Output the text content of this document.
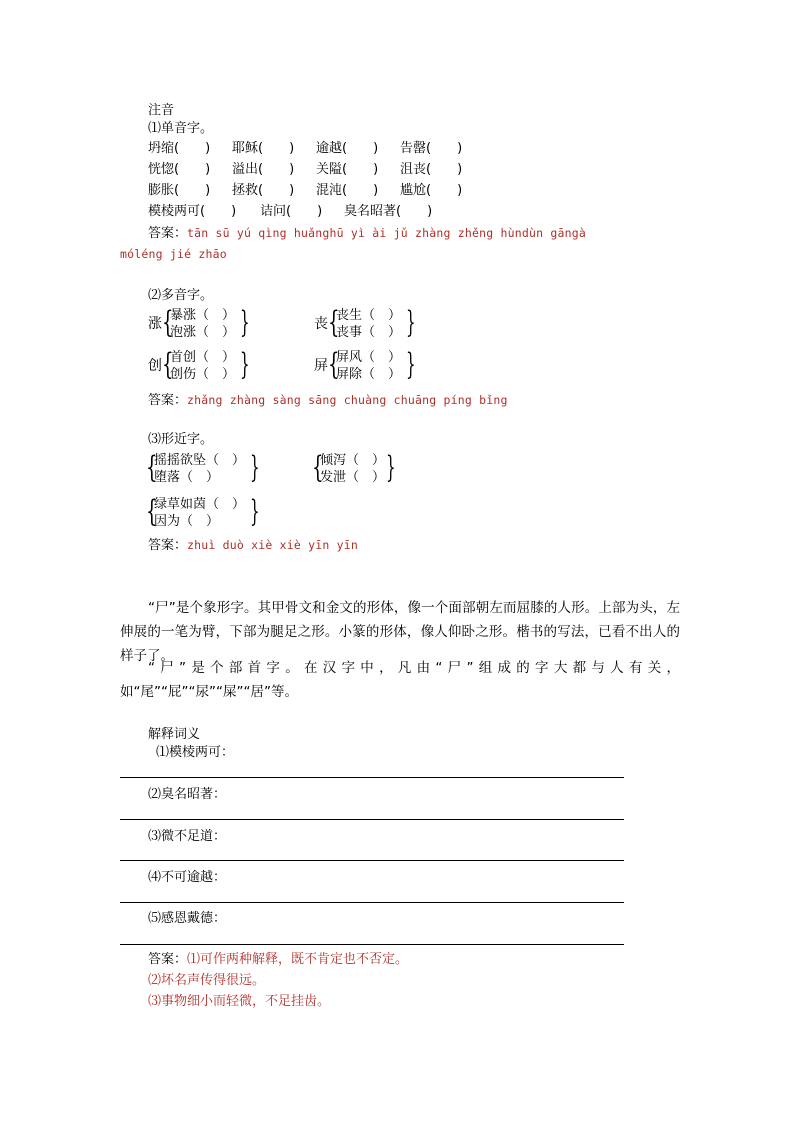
注音
⑴单音字。
坍缩(　　) 耶稣(　　) 逾越(　　) 告罄(　　)
恍惚(　　) 溢出(　　) 关隘(　　) 沮丧(　　)
膨胀(　　) 拯救(　　) 混沌(　　) 尴尬(　　)
模棱两可(　　) 诘问(　　) 臭名昭著(　　)
答案：tān sū yú qìng huǎnghū yì ài jǔ zhàng zhěng hùndùn gāngà
móléng jié zhāo
⑵多音字。
涨 {
暴涨（　）
泡涨（　） }	丧 {
丧生（　）
丧事（　） }
创 {
首创（　）
创伤（　） }	屏 {
屏风（　）
屏除（　） }
答案：zhǎng zhàng sàng sāng chuàng chuāng píng bǐng
⑶形近字。
{
摇摇欲坠（　）
堕落（　） } {
倾泻（　）
发泄（　） }
{
绿草如茵（　）
因为（　） }
答案：zhuì duò xiè xiè yīn yīn
“尸”是个象形字。其甲骨文和金文的形体，像一个面部朝左而屈膝的人形。上部为头，左伸展的一笔为臂，下部为腿足之形。小篆的形体，像人仰卧之形。楷书的写法，已看不出人的样子了。
“尸”是个部首字。在汉字中，凡由“尸”组成的字大都与人有关，如“尾”“屁”“尿”“屎”“居”等。
解释词义
⑴模棱两可：
⑵臭名昭著：
⑶微不足道：
⑷不可逾越：
⑸感恩戴德：
答案：⑴可作两种解释，既不肯定也不否定。
⑵坏名声传得很远。
⑶事物细小而轻微，不足挂齿。
